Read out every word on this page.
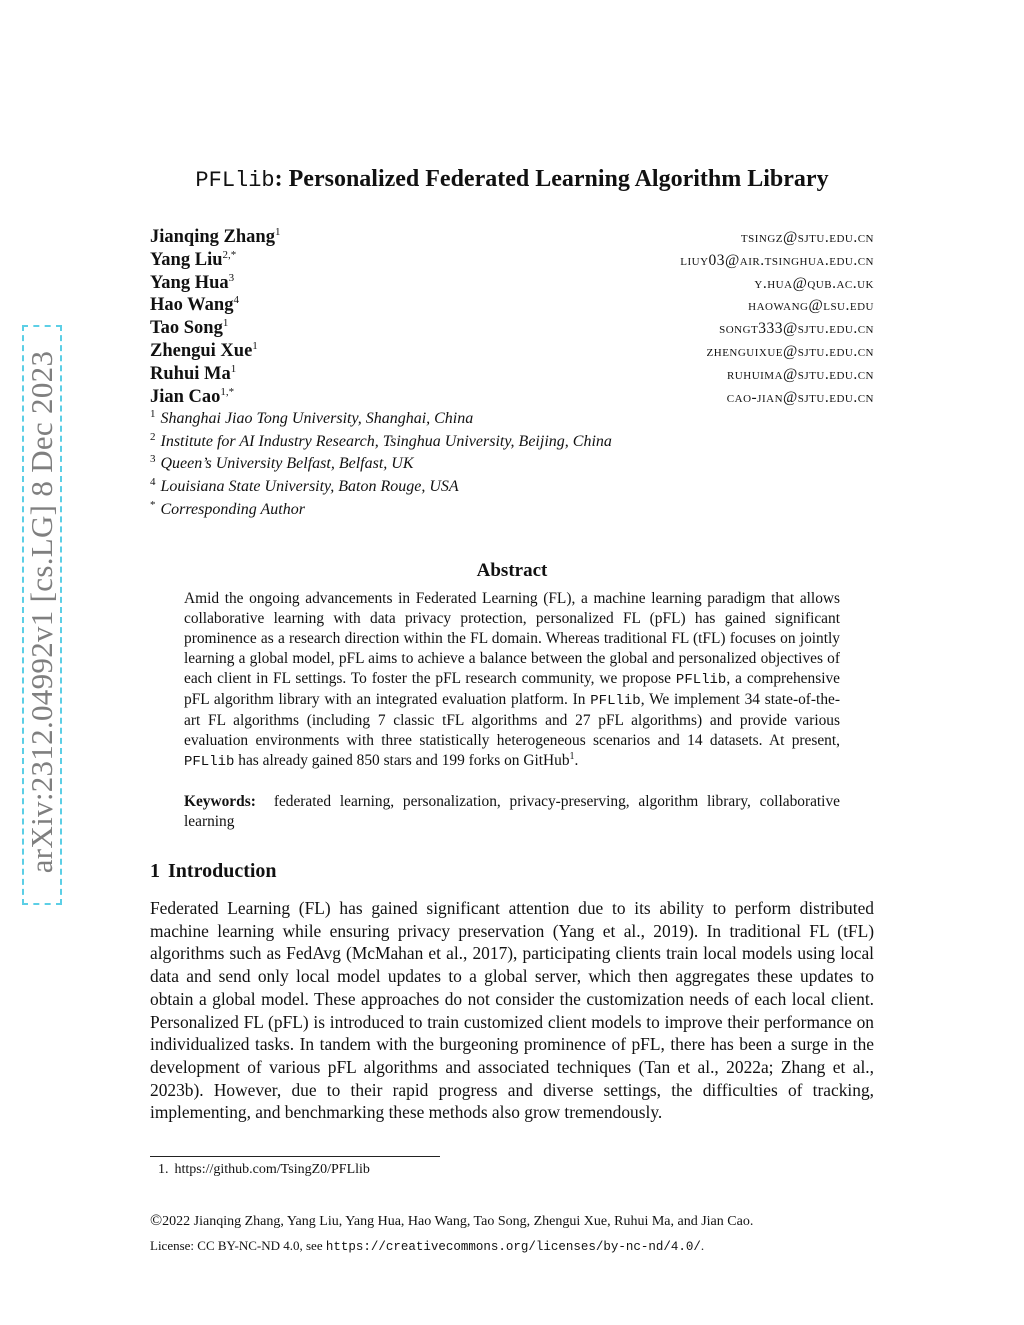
arXiv:2312.04992v1 [cs.LG] 8 Dec 2023
PFLlib: Personalized Federated Learning Algorithm Library
Jianqing Zhang$^1$	tsingz@sjtu.edu.cn
Yang Liu$^{2,*}$	liuy03@air.tsinghua.edu.cn
Yang Hua$^3$	y.hua@qub.ac.uk
Hao Wang$^4$	haowang@lsu.edu
Tao Song$^1$	songt333@sjtu.edu.cn
Zhengui Xue$^1$	zhenguixue@sjtu.edu.cn
Ruhui Ma$^1$	ruhuima@sjtu.edu.cn
Jian Cao$^{1,*}$	cao-jian@sjtu.edu.cn
$^1$ Shanghai Jiao Tong University, Shanghai, China
$^2$ Institute for AI Industry Research, Tsinghua University, Beijing, China
$^3$ Queen’s University Belfast, Belfast, UK
$^4$ Louisiana State University, Baton Rouge, USA
* Corresponding Author
Abstract
Amid the ongoing advancements in Federated Learning (FL), a machine learning paradigm that allows collaborative learning with data privacy protection, personalized FL (pFL) has gained significant prominence as a research direction within the FL domain. Whereas traditional FL (tFL) focuses on jointly learning a global model, pFL aims to achieve a balance between the global and personalized objectives of each client in FL settings. To foster the pFL research community, we propose PFLlib, a comprehensive pFL algorithm library with an integrated evaluation platform. In PFLlib, We implement 34 state-of-the-art FL algorithms (including 7 classic tFL algorithms and 27 pFL algorithms) and provide various evaluation environments with three statistically heterogeneous scenarios and 14 datasets. At present, PFLlib has already gained 850 stars and 199 forks on GitHub$^1$.
Keywords: federated learning, personalization, privacy-preserving, algorithm library, collaborative learning
1 Introduction
Federated Learning (FL) has gained significant attention due to its ability to perform distributed machine learning while ensuring privacy preservation (Yang et al., 2019). In traditional FL (tFL) algorithms such as FedAvg (McMahan et al., 2017), participating clients train local models using local data and send only local model updates to a global server, which then aggregates these updates to obtain a global model. These approaches do not consider the customization needs of each local client. Personalized FL (pFL) is introduced to train customized client models to improve their performance on individualized tasks. In tandem with the burgeoning prominence of pFL, there has been a surge in the development of various pFL algorithms and associated techniques (Tan et al., 2022a; Zhang et al., 2023b). However, due to their rapid progress and diverse settings, the difficulties of tracking, implementing, and benchmarking these methods also grow tremendously.
1. https://github.com/TsingZ0/PFLlib
©2022 Jianqing Zhang, Yang Liu, Yang Hua, Hao Wang, Tao Song, Zhengui Xue, Ruhui Ma, and Jian Cao.
License: CC BY-NC-ND 4.0, see https://creativecommons.org/licenses/by-nc-nd/4.0/.
